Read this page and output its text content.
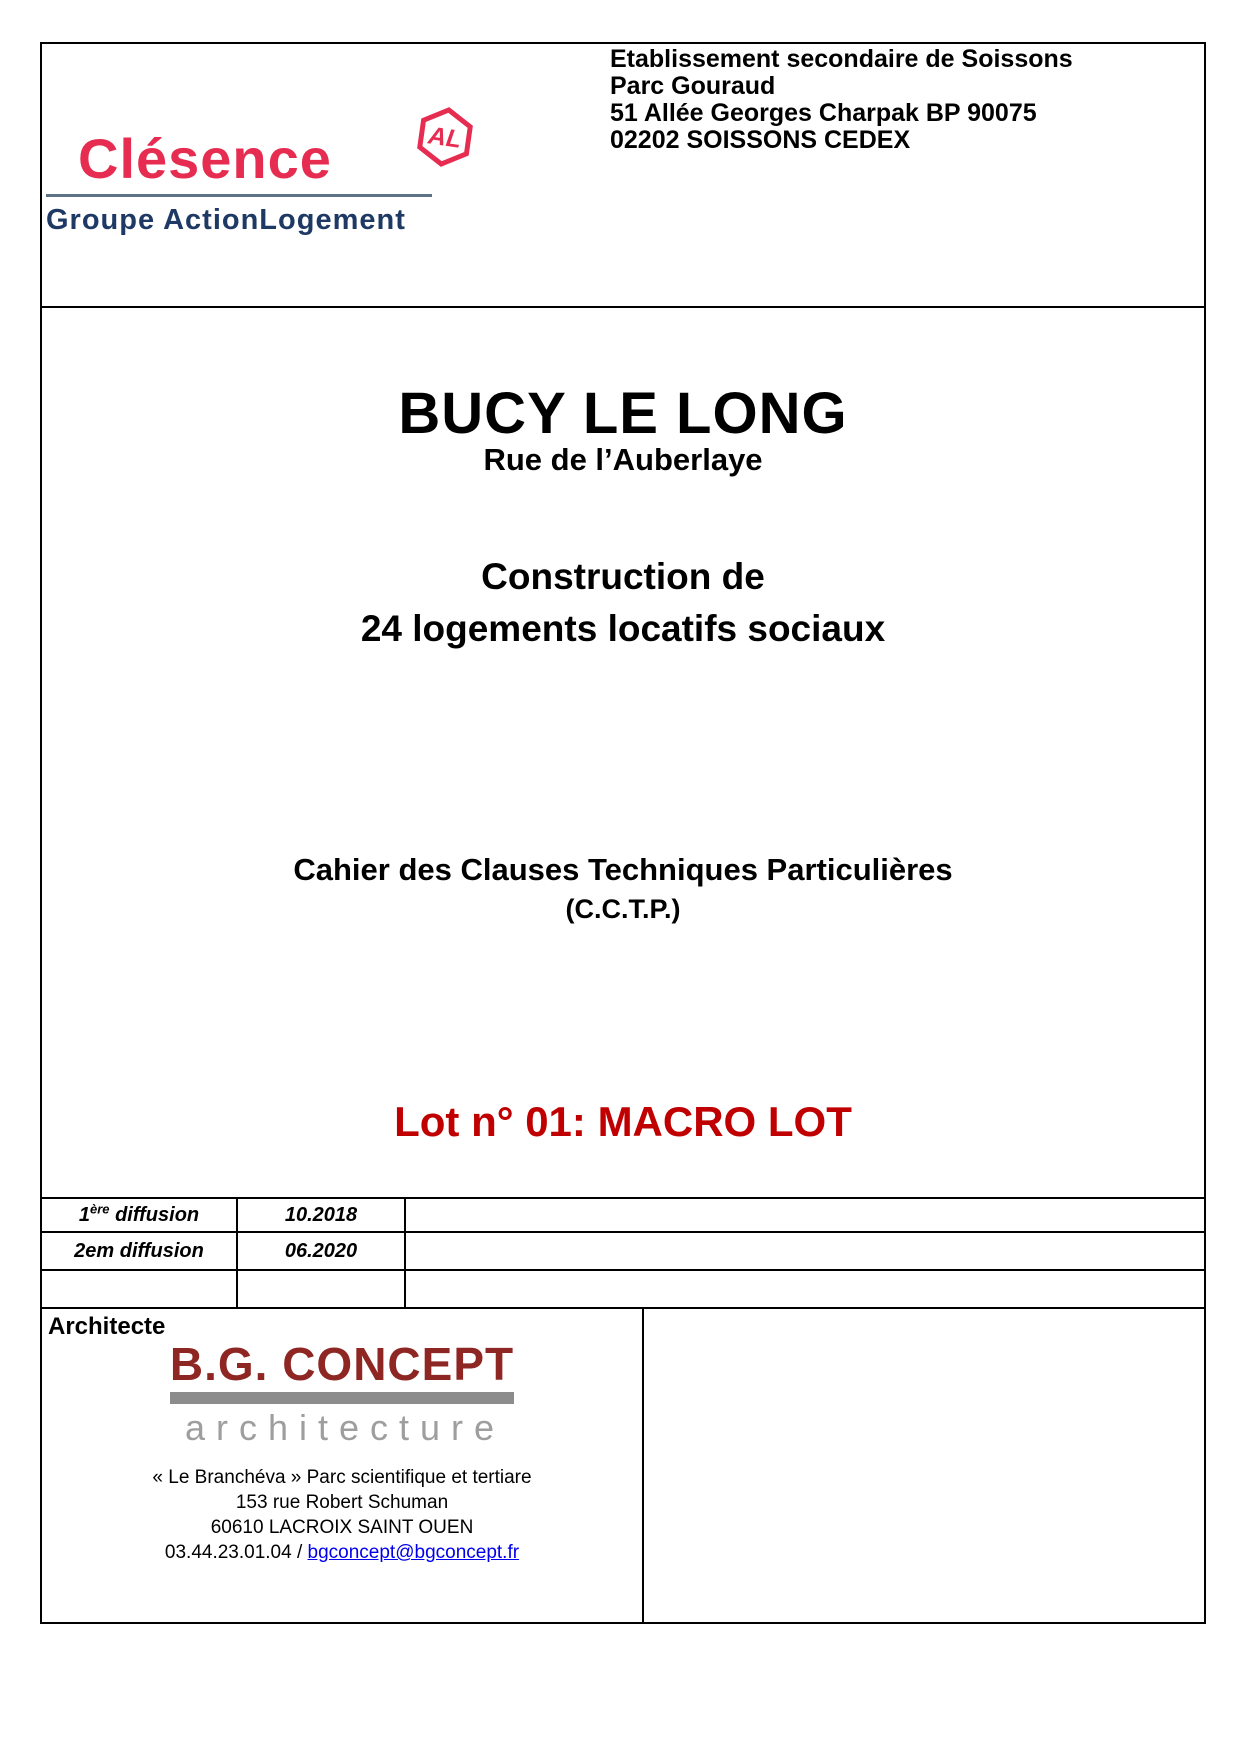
Clésence AL
Groupe ActionLogement
Etablissement secondaire de Soissons
Parc Gouraud
51 Allée Georges Charpak BP 90075
02202 SOISSONS CEDEX
BUCY LE LONG
Rue de l’Auberlaye
Construction de
24 logements locatifs sociaux
Cahier des Clauses Techniques Particulières
(C.C.T.P.)
Lot n° 01: MACRO LOT
1ère diffusion	10.2018
2em diffusion	06.2020
Architecte
B.G. CONCEPT
architecture
« Le Branchéva » Parc scientifique et tertiare
153 rue Robert Schuman
60610 LACROIX SAINT OUEN
03.44.23.01.04 / bgconcept@bgconcept.fr
